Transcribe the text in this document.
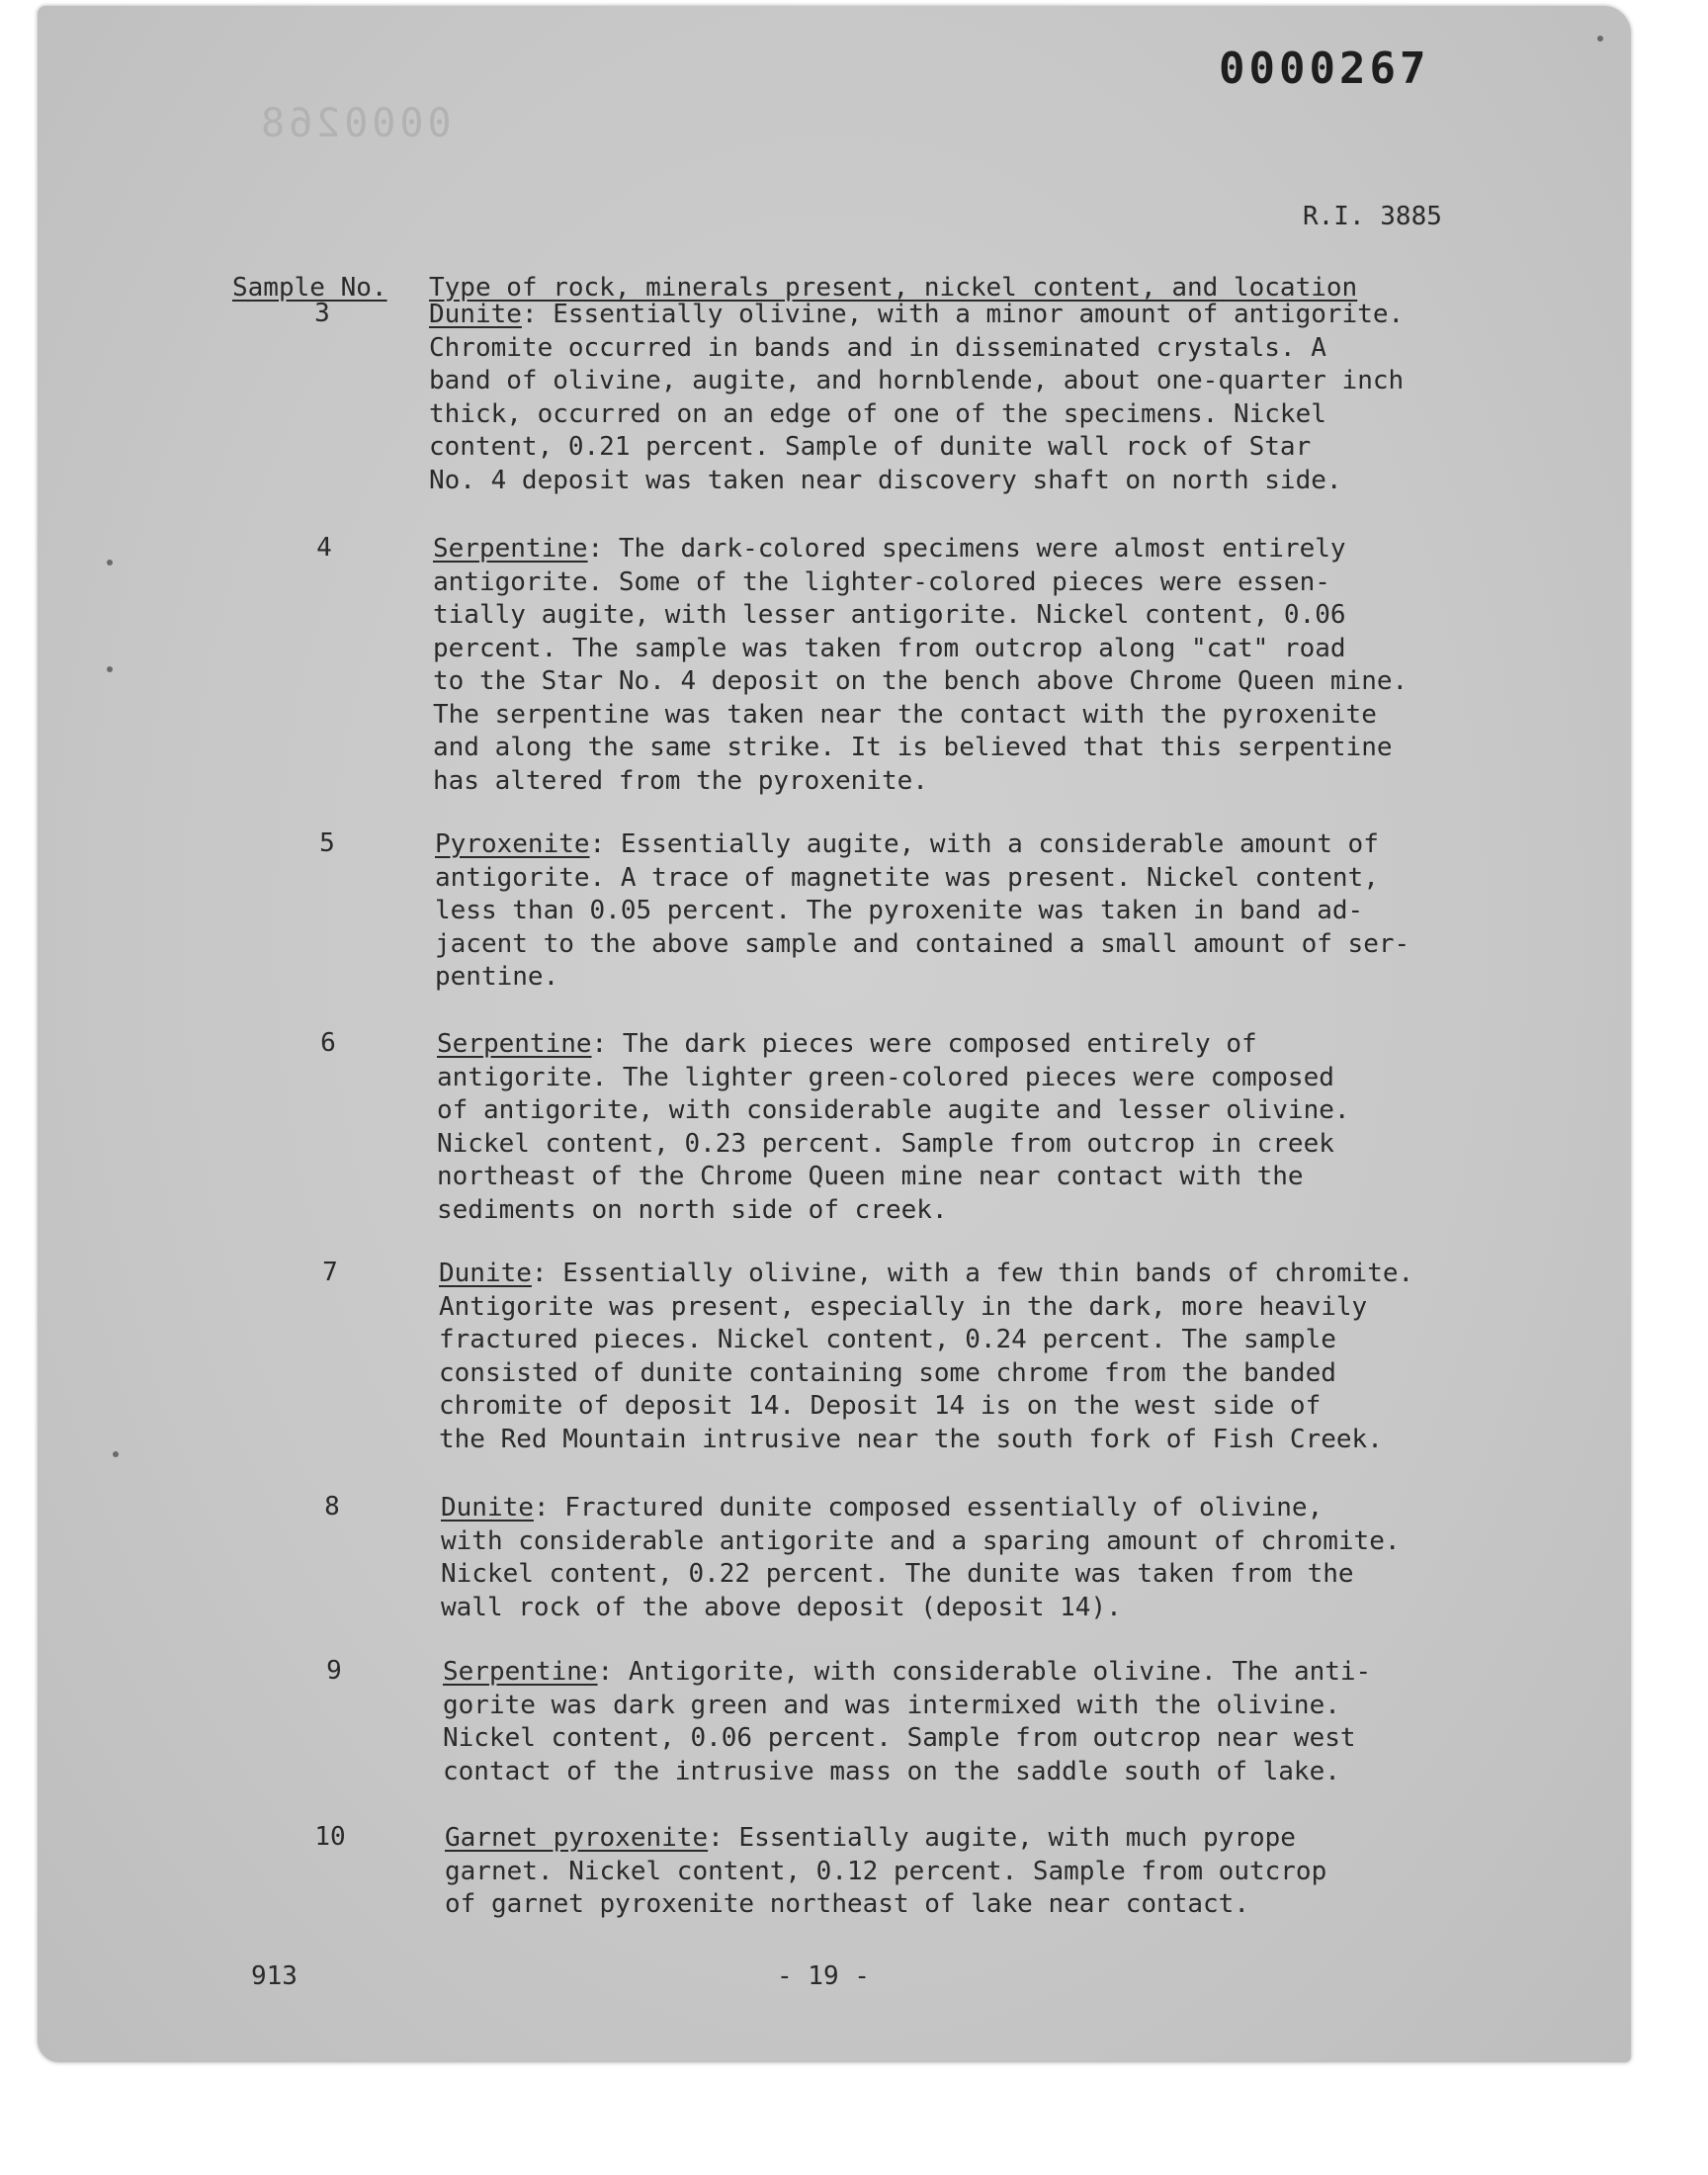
0000268
0000267
R.I. 3885
Sample No. Type of rock, minerals present, nickel content, and location
3	Dunite: Essentially olivine, with a minor amount of antigorite.
Chromite occurred in bands and in disseminated crystals. A
band of olivine, augite, and hornblende, about one-quarter inch
thick, occurred on an edge of one of the specimens. Nickel
content, 0.21 percent. Sample of dunite wall rock of Star
No. 4 deposit was taken near discovery shaft on north side.
4	Serpentine: The dark-colored specimens were almost entirely
antigorite. Some of the lighter-colored pieces were essen-
tially augite, with lesser antigorite. Nickel content, 0.06
percent. The sample was taken from outcrop along "cat" road
to the Star No. 4 deposit on the bench above Chrome Queen mine.
The serpentine was taken near the contact with the pyroxenite
and along the same strike. It is believed that this serpentine
has altered from the pyroxenite.
5	Pyroxenite: Essentially augite, with a considerable amount of
antigorite. A trace of magnetite was present. Nickel content,
less than 0.05 percent. The pyroxenite was taken in band ad-
jacent to the above sample and contained a small amount of ser-
pentine.
6	Serpentine: The dark pieces were composed entirely of
antigorite. The lighter green-colored pieces were composed
of antigorite, with considerable augite and lesser olivine.
Nickel content, 0.23 percent. Sample from outcrop in creek
northeast of the Chrome Queen mine near contact with the
sediments on north side of creek.
7	Dunite: Essentially olivine, with a few thin bands of chromite.
Antigorite was present, especially in the dark, more heavily
fractured pieces. Nickel content, 0.24 percent. The sample
consisted of dunite containing some chrome from the banded
chromite of deposit 14. Deposit 14 is on the west side of
the Red Mountain intrusive near the south fork of Fish Creek.
8	Dunite: Fractured dunite composed essentially of olivine,
with considerable antigorite and a sparing amount of chromite.
Nickel content, 0.22 percent. The dunite was taken from the
wall rock of the above deposit (deposit 14).
9	Serpentine: Antigorite, with considerable olivine. The anti-
gorite was dark green and was intermixed with the olivine.
Nickel content, 0.06 percent. Sample from outcrop near west
contact of the intrusive mass on the saddle south of lake.
10	Garnet pyroxenite: Essentially augite, with much pyrope
garnet. Nickel content, 0.12 percent. Sample from outcrop
of garnet pyroxenite northeast of lake near contact.
913	- 19 -
